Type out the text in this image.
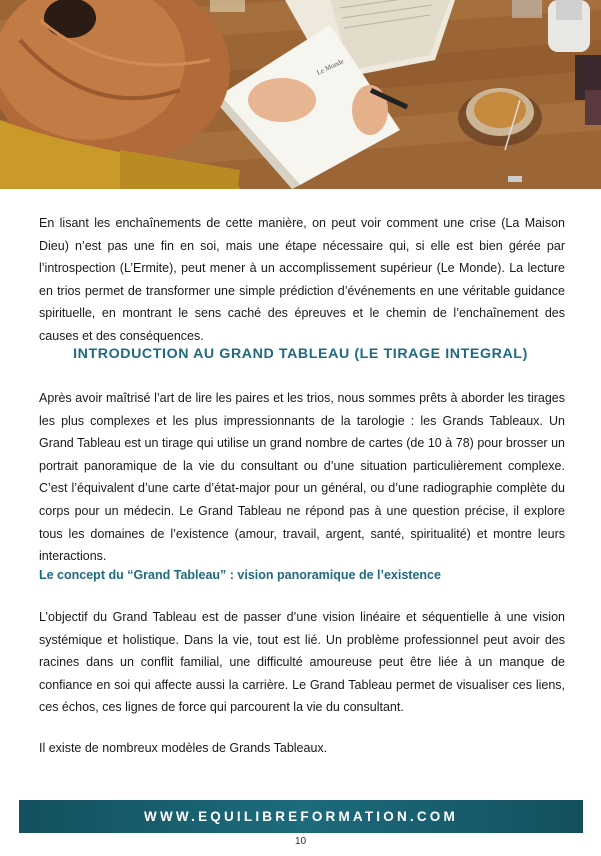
Le Monde

En lisant les enchaînements de cette manière, on peut voir comment une crise (La Maison Dieu) n’est pas une fin en soi, mais une étape nécessaire qui, si elle est bien gérée par l’introspection (L’Ermite), peut mener à un accomplissement supérieur (Le Monde). La lecture en trios permet de transformer une simple prédiction d’événements en une véritable guidance spirituelle, en montrant le sens caché des épreuves et le chemin de l’enchaînement des causes et des conséquences.

INTRODUCTION AU GRAND TABLEAU (LE TIRAGE INTEGRAL)

Après avoir maîtrisé l’art de lire les paires et les trios, nous sommes prêts à aborder les tirages les plus complexes et les plus impressionnants de la tarologie : les Grands Tableaux. Un Grand Tableau est un tirage qui utilise un grand nombre de cartes (de 10 à 78) pour brosser un portrait panoramique de la vie du consultant ou d’une situation particulièrement complexe. C’est l’équivalent d’une carte d’état-major pour un général, ou d’une radiographie complète du corps pour un médecin. Le Grand Tableau ne répond pas à une question précise, il explore tous les domaines de l’existence (amour, travail, argent, santé, spiritualité) et montre leurs interactions.

Le concept du “Grand Tableau” : vision panoramique de l’existence

L’objectif du Grand Tableau est de passer d’une vision linéaire et séquentielle à une vision systémique et holistique. Dans la vie, tout est lié. Un problème professionnel peut avoir des racines dans un conflit familial, une difficulté amoureuse peut être liée à un manque de confiance en soi qui affecte aussi la carrière. Le Grand Tableau permet de visualiser ces liens, ces échos, ces lignes de force qui parcourent la vie du consultant.

Il existe de nombreux modèles de Grands Tableaux.

WWW.EQUILIBREFORMATION.COM
10
